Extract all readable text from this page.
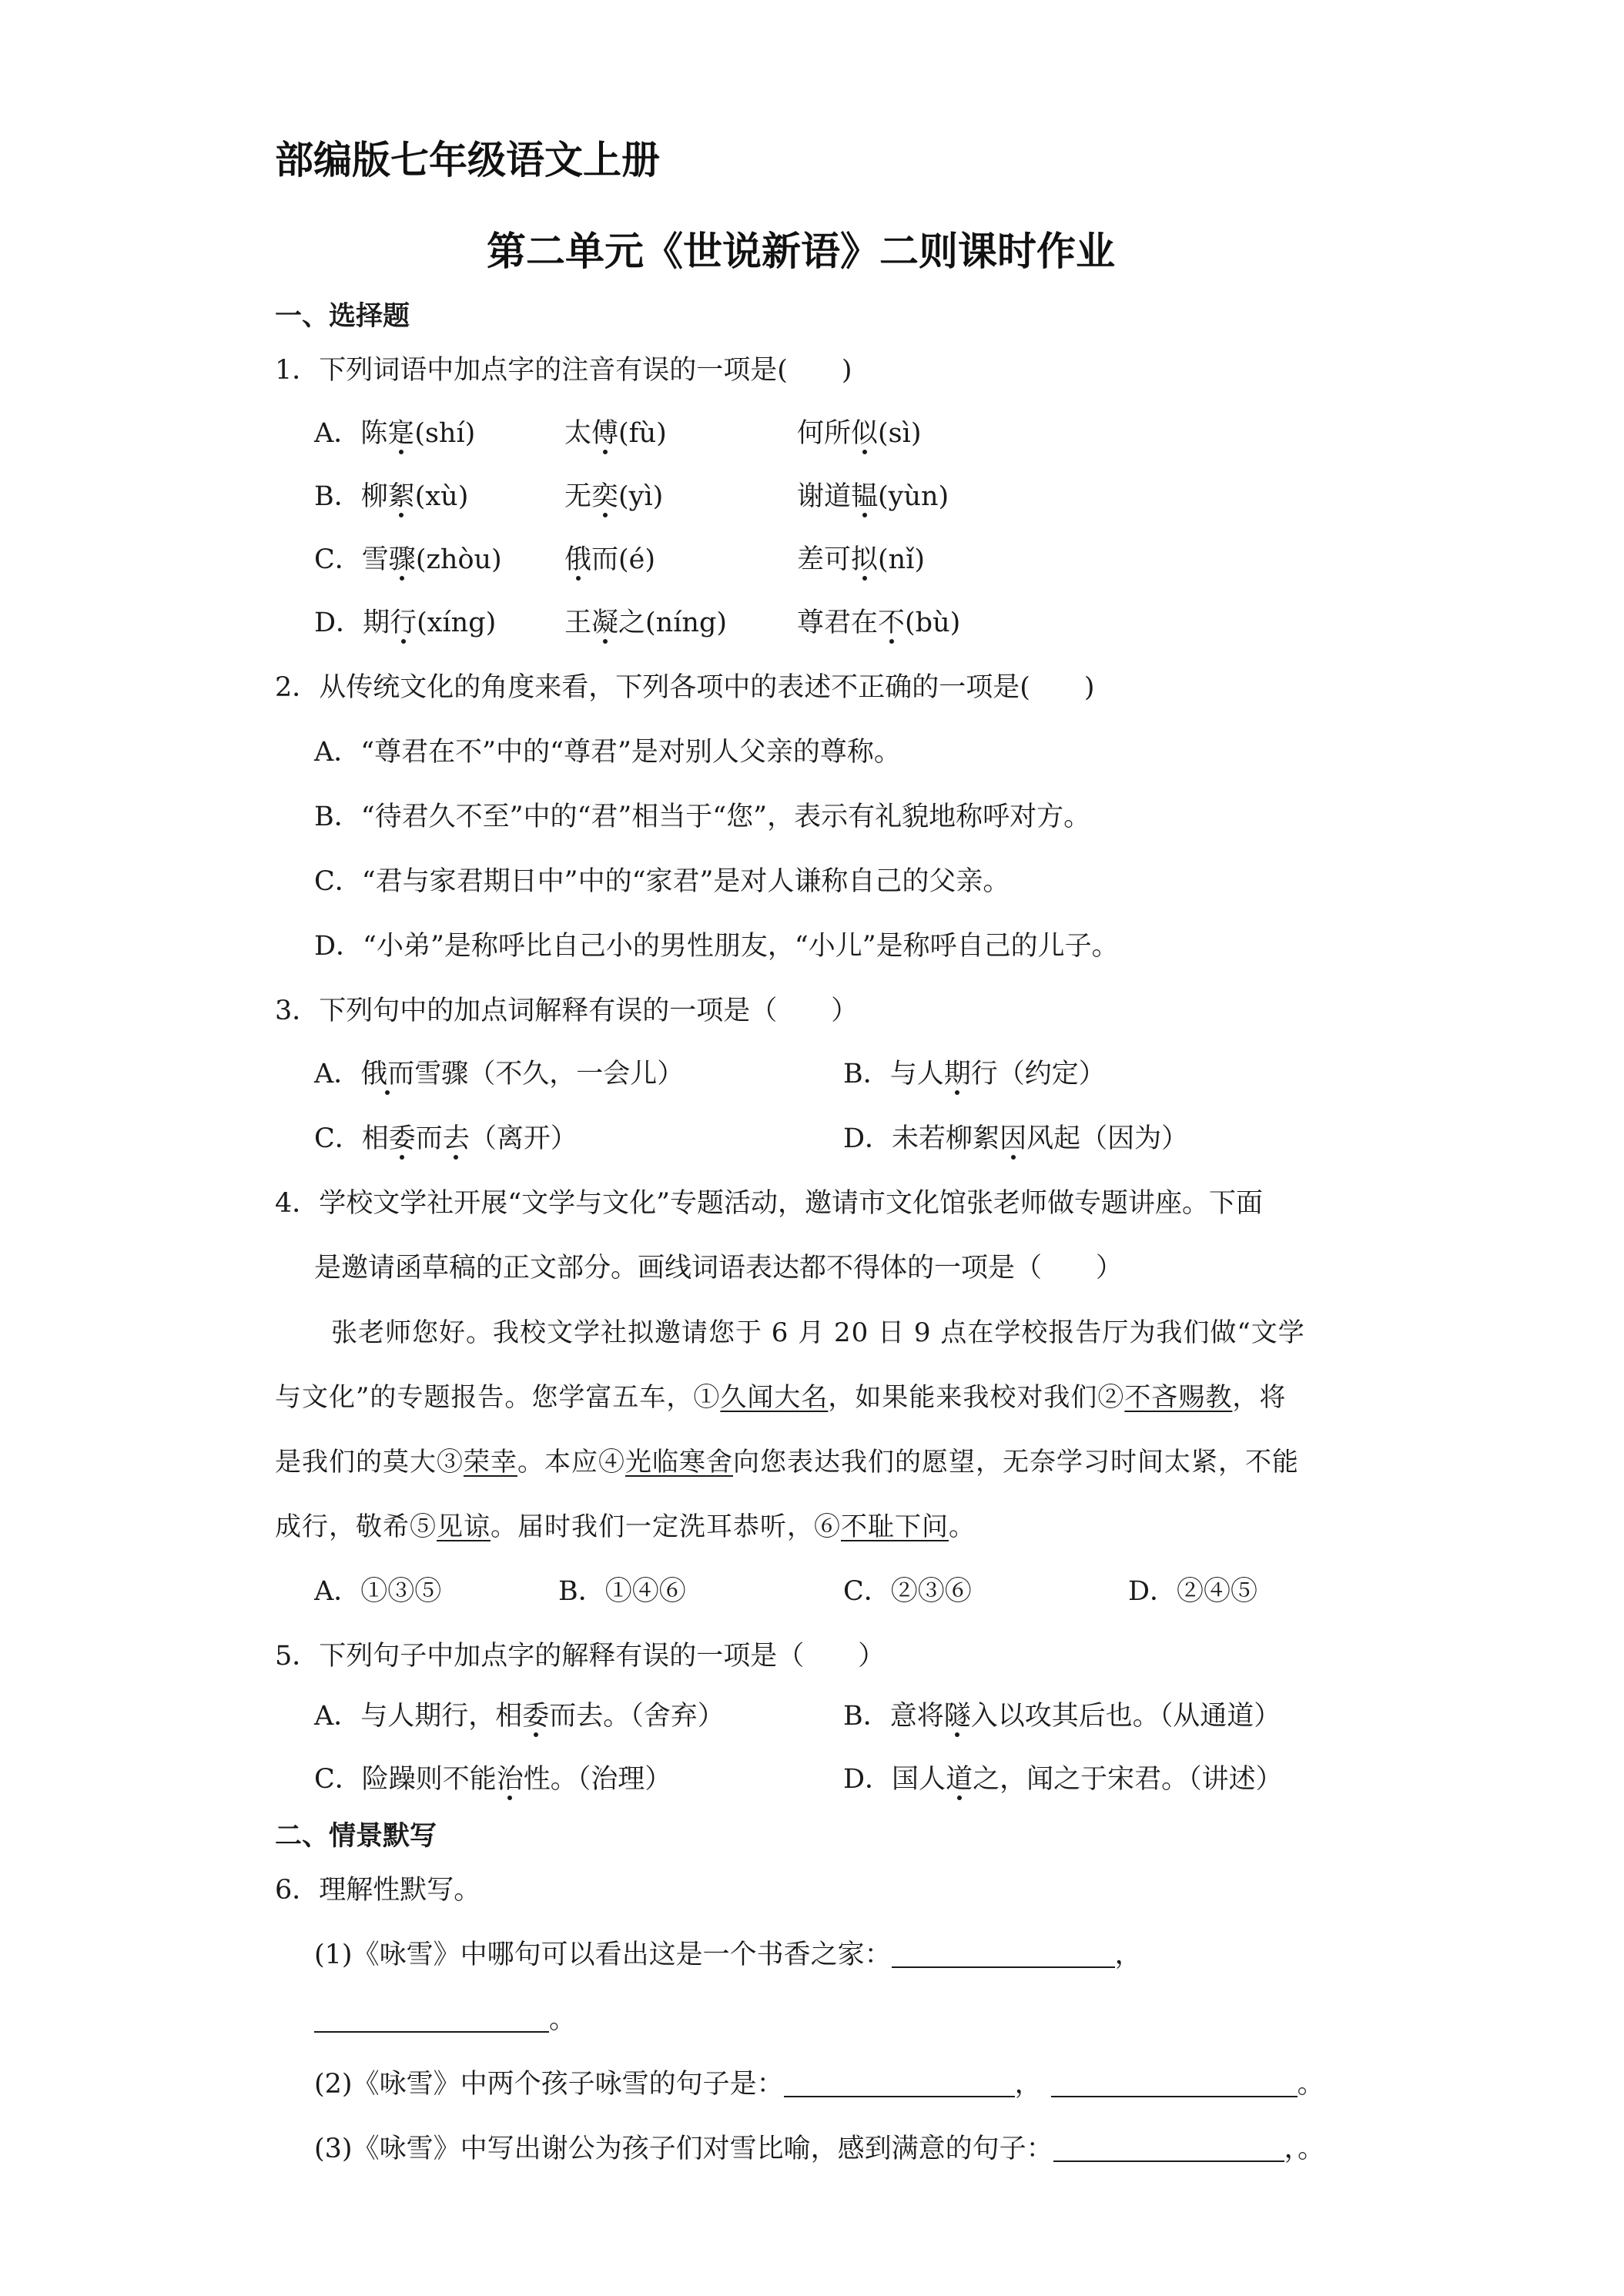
部编版七年级语文上册
第二单元《世说新语》二则课时作业
一、选择题
1．下列词语中加点字的注音有误的一项是(　　)
A．陈寔(shí)	太傅(fù)	何所似(sì)
B．柳絮(xù)	无奕(yì)	谢道韫(yùn)
C．雪骤(zhòu) 俄而(é)	差可拟(nǐ)
D．期行(xíng)	王凝之(níng)	尊君在不(bù)
2．从传统文化的角度来看，下列各项中的表述不正确的一项是(　　)
A．“尊君在不”中的“尊君”是对别人父亲的尊称。
B．“待君久不至”中的“君”相当于“您”，表示有礼貌地称呼对方。
C．“君与家君期日中”中的“家君”是对人谦称自己的父亲。
D．“小弟”是称呼比自己小的男性朋友，“小儿”是称呼自己的儿子。
3．下列句中的加点词解释有误的一项是（　　）
A．俄而雪骤（不久，一会儿）	B．与人期行（约定）
C．相委而去（离开）	D．未若柳絮因风起（因为）
4．学校文学社开展“文学与文化”专题活动，邀请市文化馆张老师做专题讲座。下面
是邀请函草稿的正文部分。画线词语表达都不得体的一项是（　　）
张老师您好。我校文学社拟邀请您于 6 月 20 日 9 点在学校报告厅为我们做“文学
与文化”的专题报告。您学富五车，①久闻大名，如果能来我校对我们②不吝赐教，将
是我们的莫大③荣幸。本应④光临寒舍向您表达我们的愿望，无奈学习时间太紧，不能
成行，敬希⑤见谅。届时我们一定洗耳恭听，⑥不耻下问。
A．①③⑤	B．①④⑥	C．②③⑥	D．②④⑤
5．下列句子中加点字的解释有误的一项是（　　）
A．与人期行，相委而去。（舍弃）	B．意将隧入以攻其后也。（从通道）
C．险躁则不能治性。（治理）	D．国人道之，闻之于宋君。（讲述）
二、情景默写
6．理解性默写。
(1)《咏雪》中哪句可以看出这是一个书香之家：	，
。
(2)《咏雪》中两个孩子咏雪的句子是：	，	。
(3)《咏雪》中写出谢公为孩子们对雪比喻，感到满意的句子：	，。
